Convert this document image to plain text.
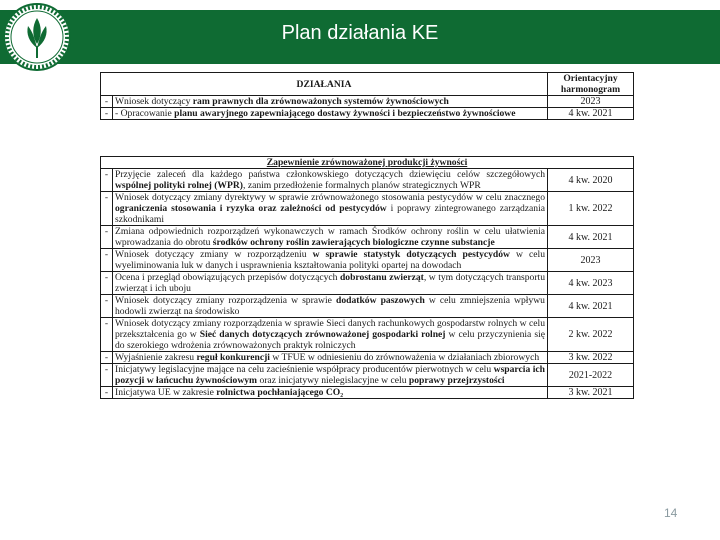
Plan działania KE
DZIAŁANIA		Orientacyjny harmonogram
-	Wniosek dotyczący ram prawnych dla zrównoważonych systemów żywnościowych	2023
-	- Opracowanie planu awaryjnego zapewniającego dostawy żywności i bezpieczeństwo żywnościowe	4 kw. 2021
Zapewnienie zrównoważonej produkcji żywności		
-	Przyjęcie zaleceń dla każdego państwa członkowskiego dotyczących dziewięciu celów szczegółowych wspólnej polityki rolnej (WPR), zanim przedłożenie formalnych planów strategicznych WPR	4 kw. 2020
-	Wniosek dotyczący zmiany dyrektywy w sprawie zrównoważonego stosowania pestycydów w celu znacznego ograniczenia stosowania i ryzyka oraz zależności od pestycydów i poprawy zintegrowanego zarządzania szkodnikami	1 kw. 2022
-	Zmiana odpowiednich rozporządzeń wykonawczych w ramach Środków ochrony roślin w celu ułatwienia wprowadzania do obrotu środków ochrony roślin zawierających biologiczne czynne substancje	4 kw. 2021
-	Wniosek dotyczący zmiany w rozporządzeniu w sprawie statystyk dotyczących pestycydów w celu wyeliminowania luk w danych i usprawnienia kształtowania polityki opartej na dowodach	2023
-	Ocena i przegląd obowiązujących przepisów dotyczących dobrostanu zwierząt, w tym dotyczących transportu zwierząt i ich uboju	4 kw. 2023
-	Wniosek dotyczący zmiany rozporządzenia w sprawie dodatków paszowych w celu zmniejszenia wpływu hodowli zwierząt na środowisko	4 kw. 2021
-	Wniosek dotyczący zmiany rozporządzenia w sprawie Sieci danych rachunkowych gospodarstw rolnych w celu przekształcenia go w Sieć danych dotyczących zrównoważonej gospodarki rolnej w celu przyczynienia się do szerokiego wdrożenia zrównoważonych praktyk rolniczych	2 kw. 2022
-	Wyjaśnienie zakresu reguł konkurencji w TFUE w odniesieniu do zrównoważenia w działaniach zbiorowych	3 kw. 2022
-	Inicjatywy legislacyjne mające na celu zacieśnienie współpracy producentów pierwotnych w celu wsparcia ich pozycji w łańcuchu żywnościowym oraz inicjatywy nielegislacyjne w celu poprawy przejrzystości	2021-2022
-	Inicjatywa UE w zakresie rolnictwa pochłaniającego CO₂	3 kw. 2021
14
